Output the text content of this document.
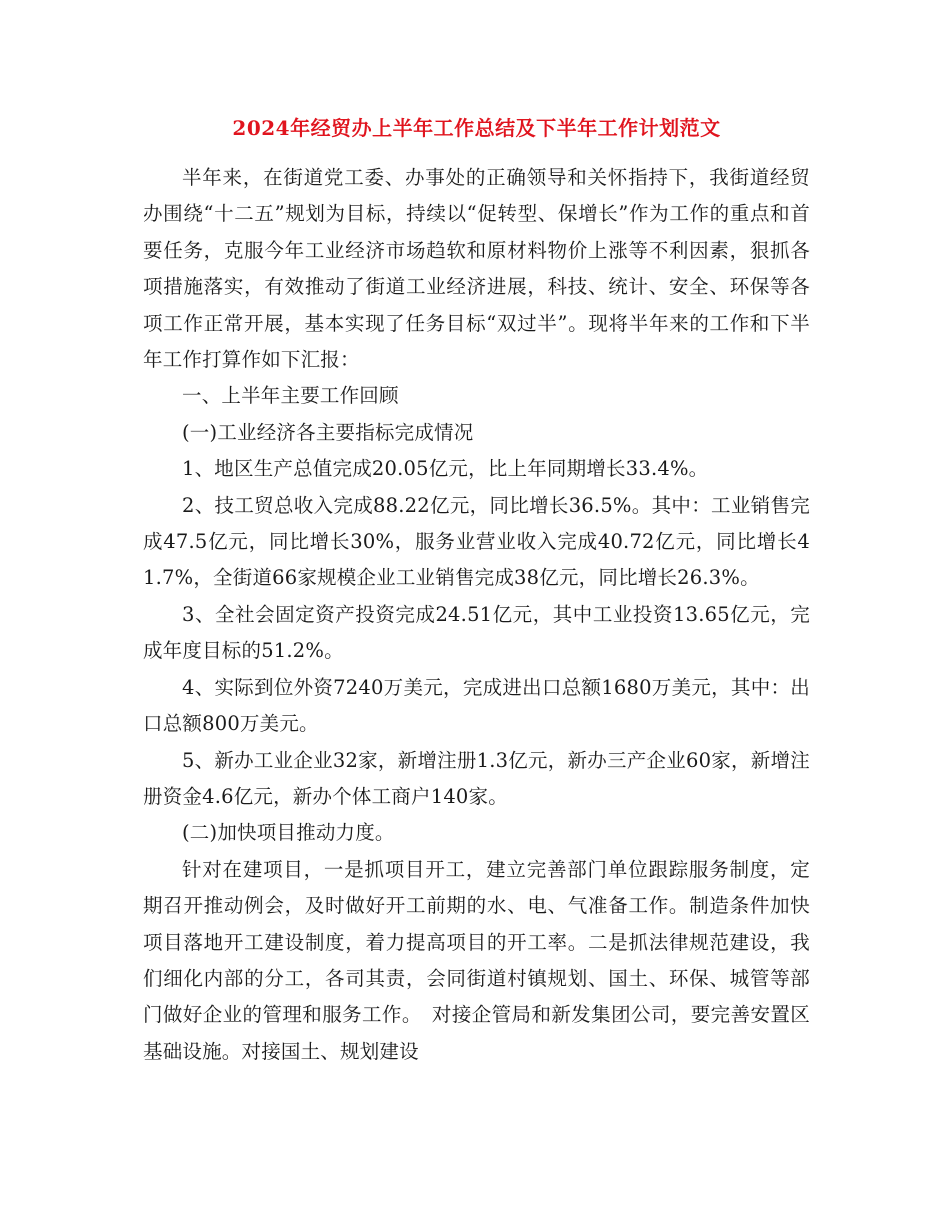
2024年经贸办上半年工作总结及下半年工作计划范文

半年来，在街道党工委、办事处的正确领导和关怀指持下，我街道经贸办围绕“十二五”规划为目标，持续以“促转型、保增长”作为工作的重点和首要任务，克服今年工业经济市场趋软和原材料物价上涨等不利因素，狠抓各项措施落实，有效推动了街道工业经济进展，科技、统计、安全、环保等各项工作正常开展，基本实现了任务目标“双过半”。现将半年来的工作和下半年工作打算作如下汇报：

一、上半年主要工作回顾

(一)工业经济各主要指标完成情况

1、地区生产总值完成20.05亿元，比上年同期增长33.4%。

2、技工贸总收入完成88.22亿元，同比增长36.5%。其中：工业销售完成47.5亿元，同比增长30%，服务业营业收入完成40.72亿元，同比增长41.7%，全街道66家规模企业工业销售完成38亿元，同比增长26.3%。

3、全社会固定资产投资完成24.51亿元，其中工业投资13.65亿元，完成年度目标的51.2%。

4、实际到位外资7240万美元，完成进出口总额1680万美元，其中：出口总额800万美元。

5、新办工业企业32家，新增注册1.3亿元，新办三产企业60家，新增注册资金4.6亿元，新办个体工商户140家。

(二)加快项目推动力度。

针对在建项目，一是抓项目开工，建立完善部门单位跟踪服务制度，定期召开推动例会，及时做好开工前期的水、电、气准备工作。制造条件加快项目落地开工建设制度，着力提高项目的开工率。二是抓法律规范建设，我们细化内部的分工，各司其责，会同街道村镇规划、国土、环保、城管等部门做好企业的管理和服务工作。　对接企管局和新发集团公司，要完善安置区基础设施。对接国土、规划建设
